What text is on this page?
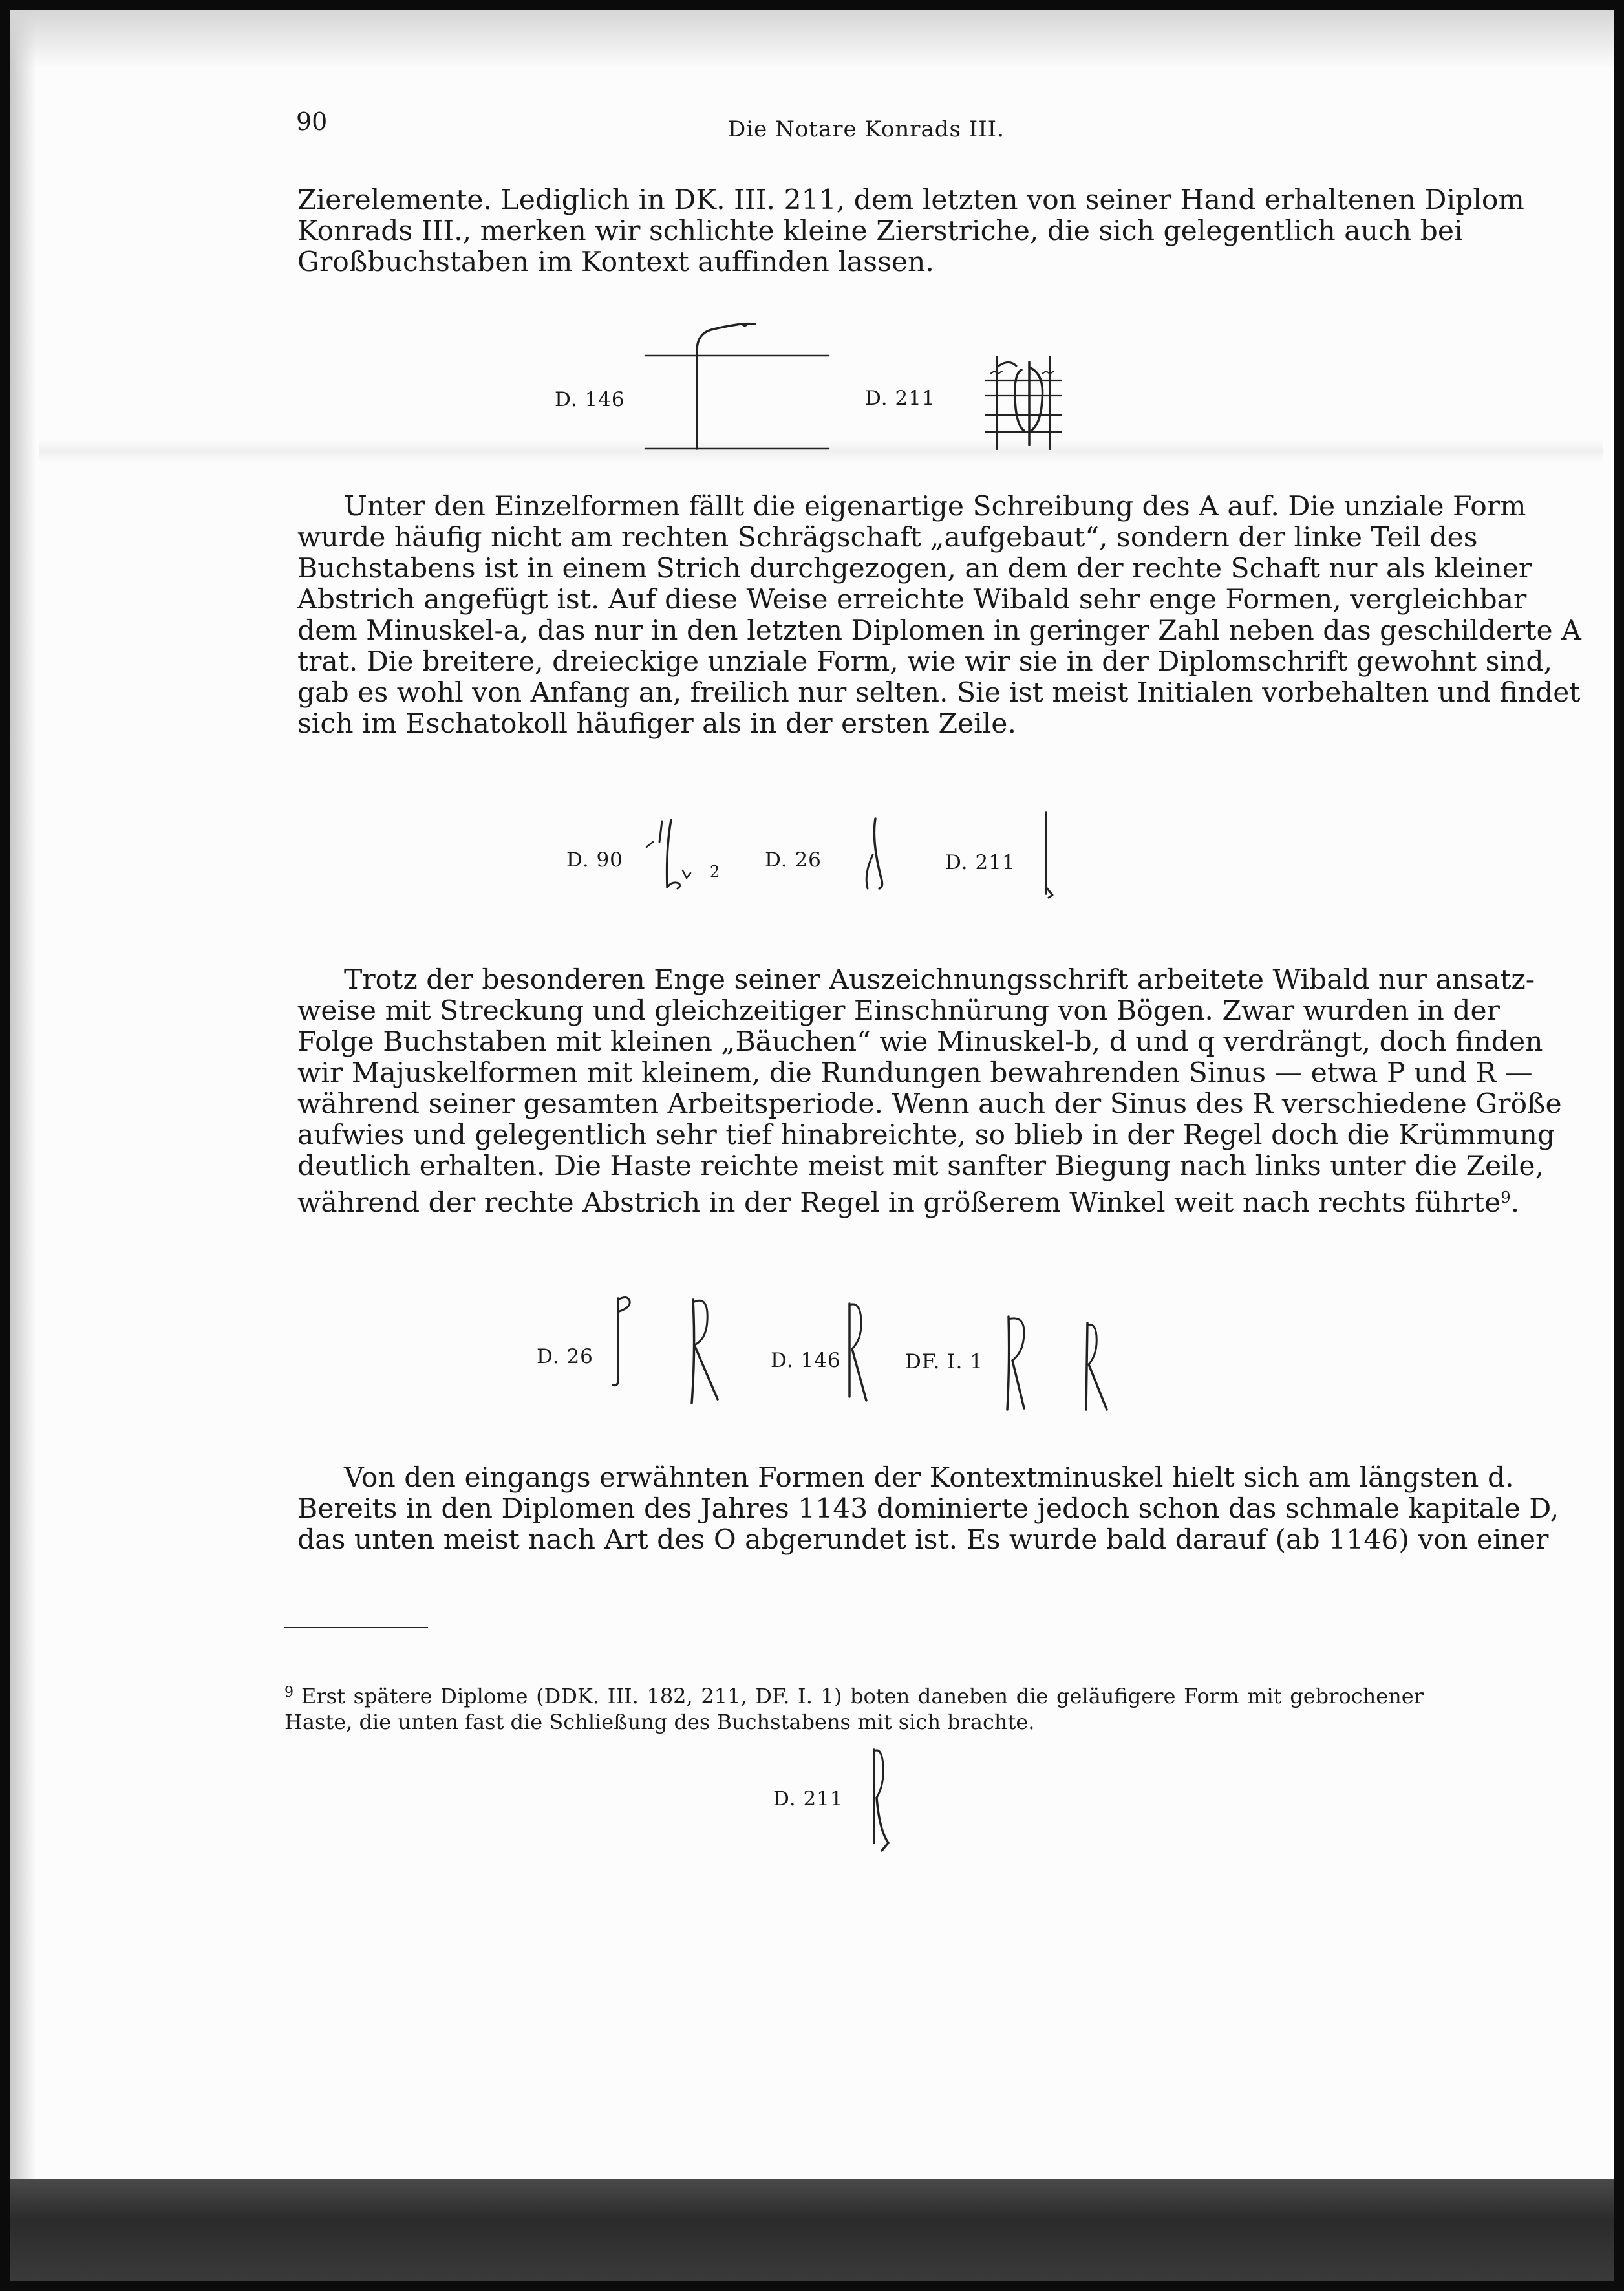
90	Die Notare Konrads III.
Zierelemente. Lediglich in DK. III. 211, dem letzten von seiner Hand erhaltenen Diplom
Konrads III., merken wir schlichte kleine Zierstriche, die sich gelegentlich auch bei
Großbuchstaben im Kontext auffinden lassen.
D. 146	D. 211
Unter den Einzelformen fällt die eigenartige Schreibung des A auf. Die unziale Form
wurde häufig nicht am rechten Schrägschaft „aufgebaut“, sondern der linke Teil des
Buchstabens ist in einem Strich durchgezogen, an dem der rechte Schaft nur als kleiner
Abstrich angefügt ist. Auf diese Weise erreichte Wibald sehr enge Formen, vergleichbar
dem Minuskel-a, das nur in den letzten Diplomen in geringer Zahl neben das geschilderte A
trat. Die breitere, dreieckige unziale Form, wie wir sie in der Diplomschrift gewohnt sind,
gab es wohl von Anfang an, freilich nur selten. Sie ist meist Initialen vorbehalten und findet
sich im Eschatokoll häufiger als in der ersten Zeile.
D. 90	2 D. 26	D. 211
Trotz der besonderen Enge seiner Auszeichnungsschrift arbeitete Wibald nur ansatz-
weise mit Streckung und gleichzeitiger Einschnürung von Bögen. Zwar wurden in der
Folge Buchstaben mit kleinen „Bäuchen“ wie Minuskel-b, d und q verdrängt, doch finden
wir Majuskelformen mit kleinem, die Rundungen bewahrenden Sinus — etwa P und R —
während seiner gesamten Arbeitsperiode. Wenn auch der Sinus des R verschiedene Größe
aufwies und gelegentlich sehr tief hinabreichte, so blieb in der Regel doch die Krümmung
deutlich erhalten. Die Haste reichte meist mit sanfter Biegung nach links unter die Zeile,
während der rechte Abstrich in der Regel in größerem Winkel weit nach rechts führte$^9$.
D. 26	D. 146	DF. I. 1
Von den eingangs erwähnten Formen der Kontextminuskel hielt sich am längsten d.
Bereits in den Diplomen des Jahres 1143 dominierte jedoch schon das schmale kapitale D,
das unten meist nach Art des O abgerundet ist. Es wurde bald darauf (ab 1146) von einer
$^9$ Erst spätere Diplome (DDK. III. 182, 211, DF. I. 1) boten daneben die geläufigere Form mit gebrochener
Haste, die unten fast die Schließung des Buchstabens mit sich brachte.
D. 211
